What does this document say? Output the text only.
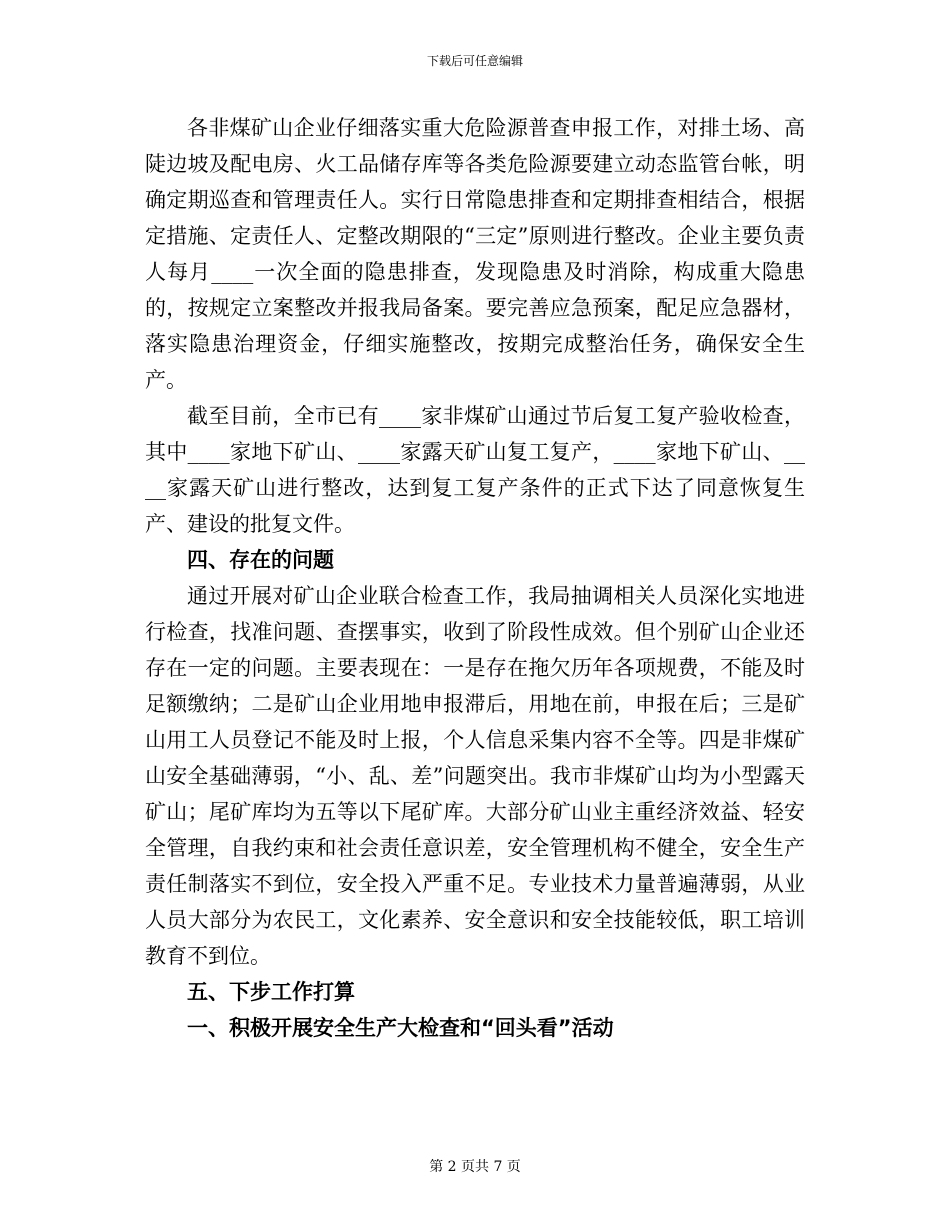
下载后可任意编辑

各非煤矿山企业仔细落实重大危险源普查申报工作，对排土场、高陡边坡及配电房、火工品储存库等各类危险源要建立动态监管台帐，明确定期巡查和管理责任人。实行日常隐患排查和定期排查相结合，根据定措施、定责任人、定整改期限的“三定”原则进行整改。企业主要负责人每月____一次全面的隐患排查，发现隐患及时消除，构成重大隐患的，按规定立案整改并报我局备案。要完善应急预案，配足应急器材，落实隐患治理资金，仔细实施整改，按期完成整治任务，确保安全生产。

截至目前，全市已有____家非煤矿山通过节后复工复产验收检查，其中____家地下矿山、____家露天矿山复工复产，____家地下矿山、____家露天矿山进行整改，达到复工复产条件的正式下达了同意恢复生产、建设的批复文件。

四、存在的问题

通过开展对矿山企业联合检查工作，我局抽调相关人员深化实地进行检查，找准问题、查摆事实，收到了阶段性成效。但个别矿山企业还存在一定的问题。主要表现在：一是存在拖欠历年各项规费，不能及时足额缴纳；二是矿山企业用地申报滞后，用地在前，申报在后；三是矿山用工人员登记不能及时上报，个人信息采集内容不全等。四是非煤矿山安全基础薄弱，“小、乱、差”问题突出。我市非煤矿山均为小型露天矿山；尾矿库均为五等以下尾矿库。大部分矿山业主重经济效益、轻安全管理，自我约束和社会责任意识差，安全管理机构不健全，安全生产责任制落实不到位，安全投入严重不足。专业技术力量普遍薄弱，从业人员大部分为农民工，文化素养、安全意识和安全技能较低，职工培训教育不到位。

五、下步工作打算

一、积极开展安全生产大检查和“回头看”活动

第 2 页共 7 页
